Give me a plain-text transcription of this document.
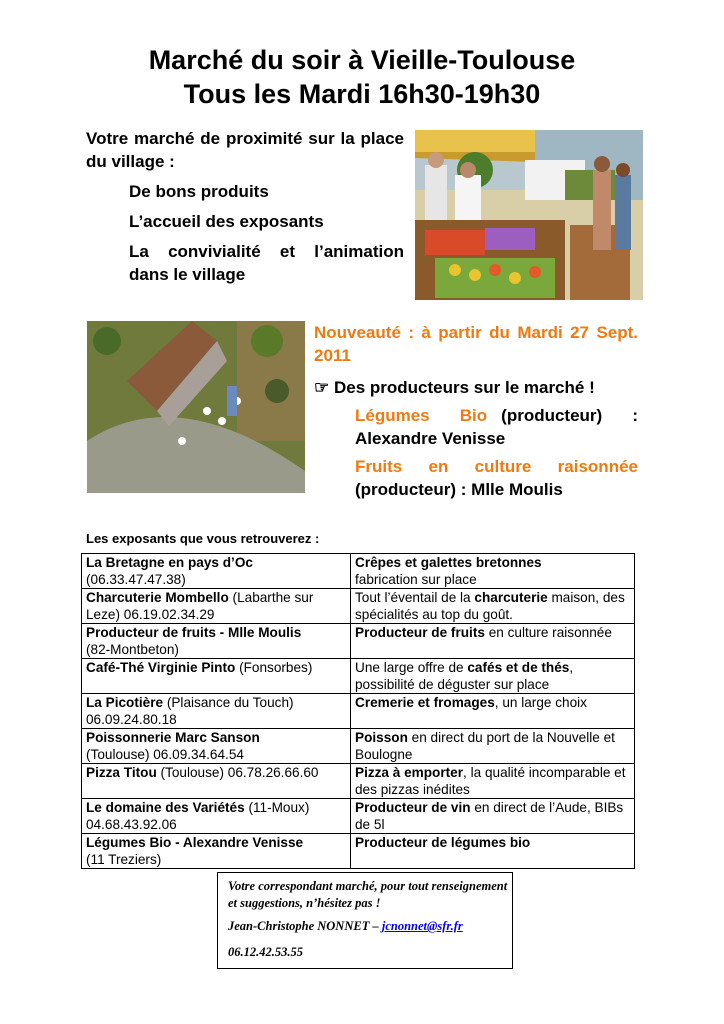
Marché du soir à Vieille-Toulouse
Tous les Mardi 16h30-19h30
Votre marché de proximité sur la place du village :
De bons produits
L’accueil des exposants
La convivialité et l’animation dans le village
Nouveauté : à partir du Mardi 27 Sept. 2011
☞ Des producteurs sur le marché !
Légumes Bio (producteur) : Alexandre Venisse
Fruits en culture raisonnée (producteur) : Mlle Moulis
Les exposants que vous retrouverez :
La Bretagne en pays d’Oc
(06.33.47.47.38)	Crêpes et galettes bretonnes
fabrication sur place
Charcuterie Mombello (Labarthe sur Leze) 06.19.02.34.29	Tout l’éventail de la charcuterie maison, des spécialités au top du goût.
Producteur de fruits - Mlle Moulis
(82-Montbeton)	Producteur de fruits en culture raisonnée
Café-Thé Virginie Pinto (Fonsorbes)	Une large offre de cafés et de thés, possibilité de déguster sur place
La Picotière (Plaisance du Touch)
06.09.24.80.18	Cremerie et fromages, un large choix
Poissonnerie Marc Sanson
(Toulouse) 06.09.34.64.54	Poisson en direct du port de la Nouvelle et Boulogne
Pizza Titou (Toulouse) 06.78.26.66.60	Pizza à emporter, la qualité incomparable et des pizzas inédites
Le domaine des Variétés (11-Moux)
04.68.43.92.06	Producteur de vin en direct de l’Aude, BIBs de 5l
Légumes Bio - Alexandre Venisse
(11 Treziers)	Producteur de légumes bio
Votre correspondant marché, pour tout renseignement et suggestions, n’hésitez pas !
Jean-Christophe NONNET – jcnonnet@sfr.fr
06.12.42.53.55
